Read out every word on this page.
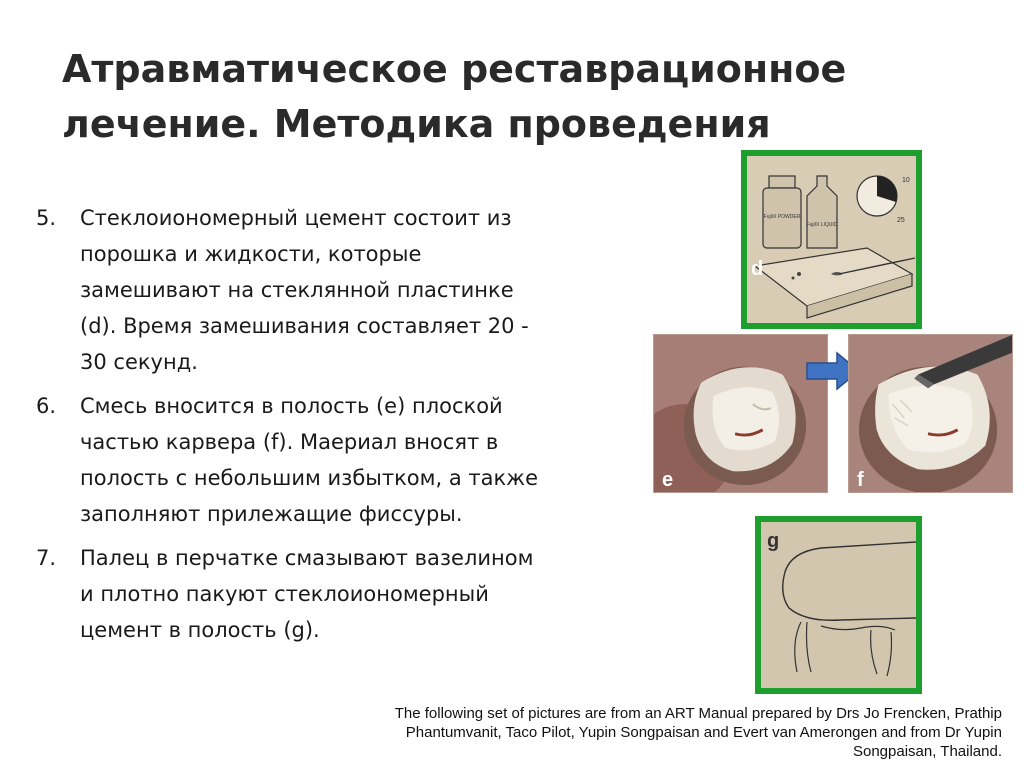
Атравматическое реставрационное
лечение. Методика проведения
5. Стеклоиономерный цемент состоит из
порошка и жидкости, которые
замешивают на стеклянной пластинке
(d). Время замешивания составляет 20 -
30 секунд.
6. Смесь вносится в полость (е) плоской
частью карвера (f). Маериал вносят в
полость с небольшим избытком, а также
заполняют прилежащие фиссуры.
7. Палец в перчатке смазывают вазелином
и плотно пакуют стеклоиономерный
цемент в полость (g).
FujiIX POWDER
FujiIX LIQUID
10
25
d
e	f
g
The following set of pictures are from an ART Manual prepared by Drs Jo Frencken, Prathip
Phantumvanit, Taco Pilot, Yupin Songpaisan and Evert van Amerongen and from Dr Yupin
Songpaisan, Thailand.
